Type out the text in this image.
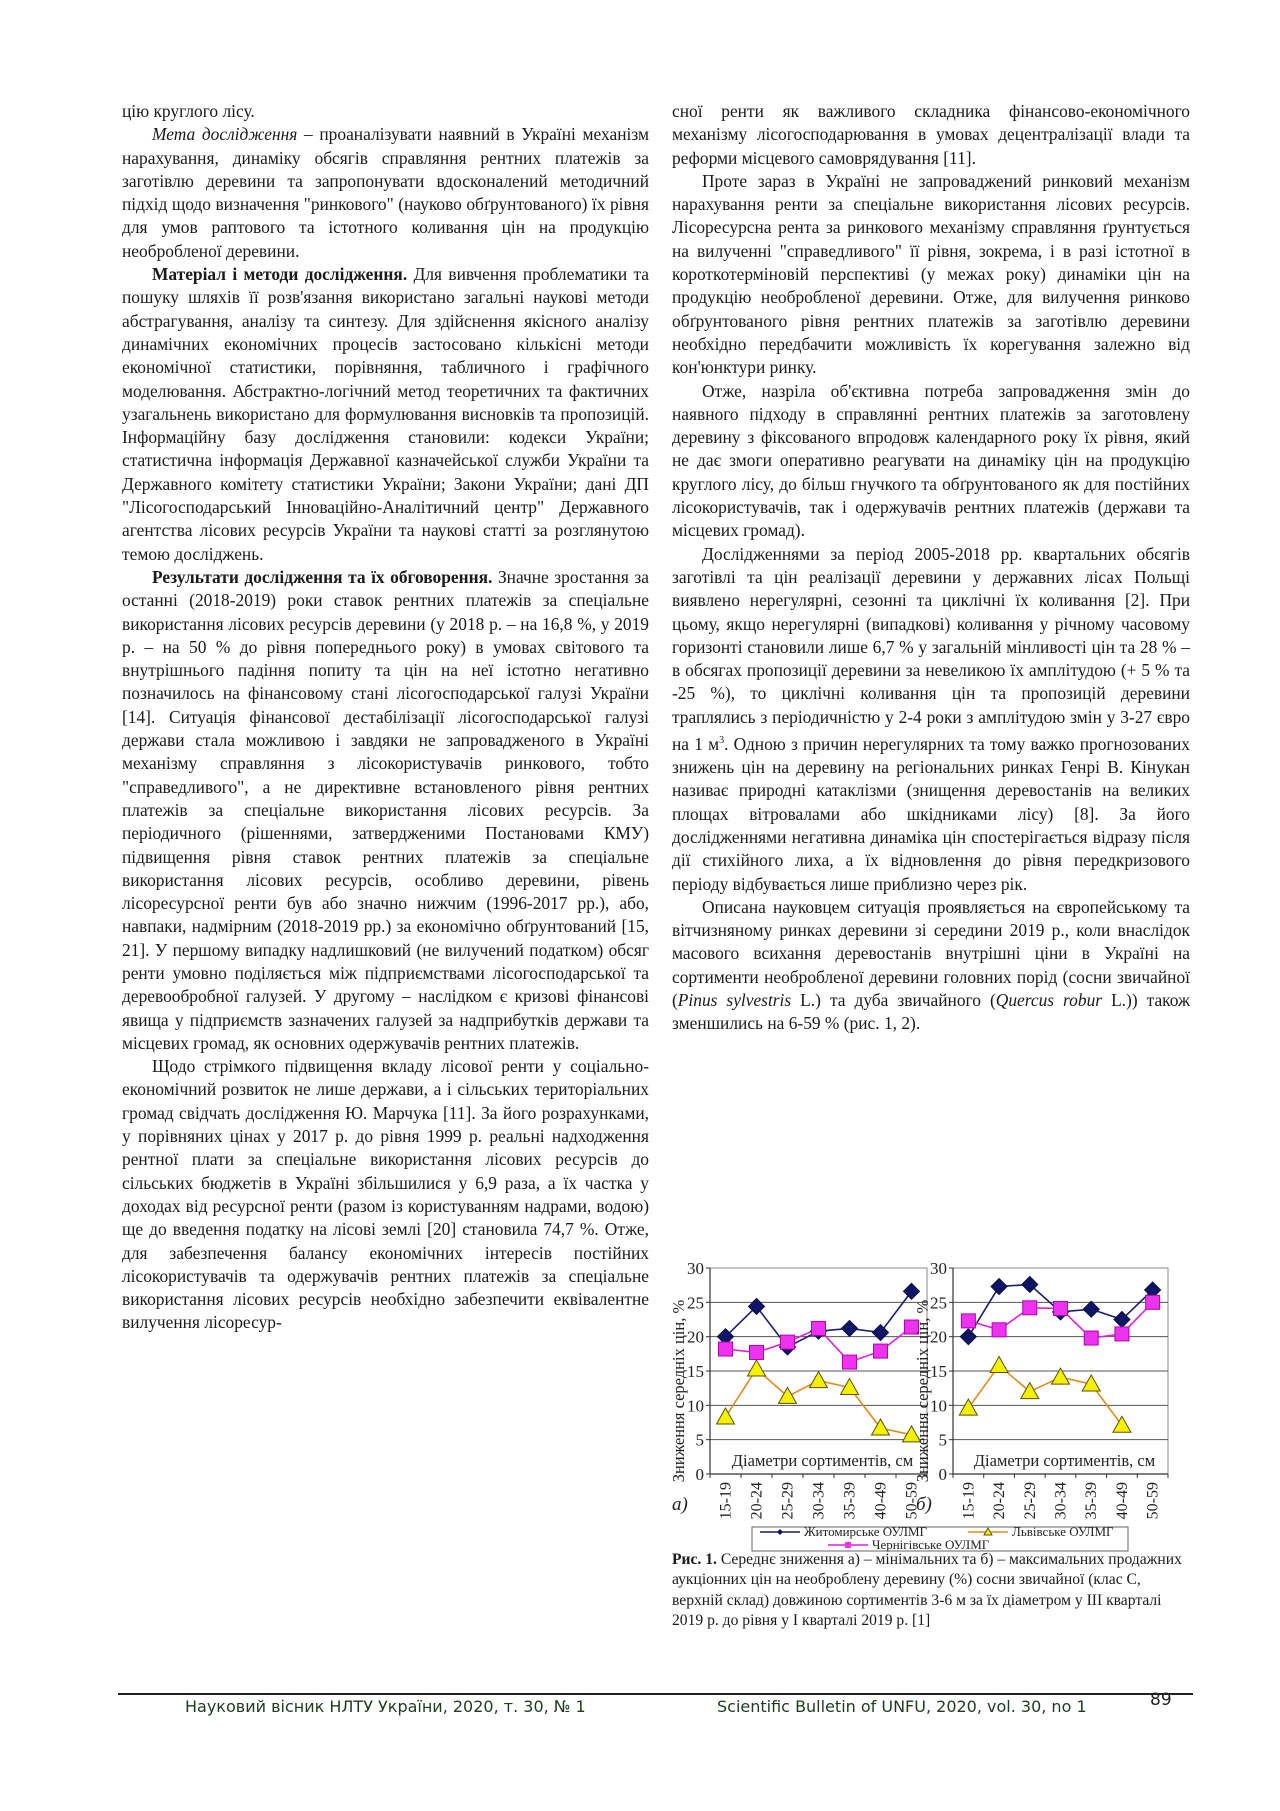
цію круглого лісу.

Мета дослідження – проаналізувати наявний в Україні механізм нарахування, динаміку обсягів справляння рентних платежів за заготівлю деревини та запропонувати вдосконалений методичний підхід щодо визначення "ринкового" (науково обґрунтованого) їх рівня для умов раптового та істотного коливання цін на продукцію необробленої деревини.

Матеріал і методи дослідження. Для вивчення проблематики та пошуку шляхів її розв'язання використано загальні наукові методи абстрагування, аналізу та синтезу. Для здійснення якісного аналізу динамічних економічних процесів застосовано кількісні методи економічної статистики, порівняння, табличного і графічного моделювання. Абстрактно-логічний метод теоретичних та фактичних узагальнень використано для формулювання висновків та пропозицій. Інформаційну базу дослідження становили: кодекси України; статистична інформація Державної казначейської служби України та Державного комітету статистики України; Закони України; дані ДП "Лісогосподарський Інноваційно-Аналітичний центр" Державного агентства лісових ресурсів України та наукові статті за розглянутою темою досліджень.

Результати дослідження та їх обговорення. Значне зростання за останні (2018-2019) роки ставок рентних платежів за спеціальне використання лісових ресурсів деревини (у 2018 р. – на 16,8 %, у 2019 р. – на 50 % до рівня попереднього року) в умовах світового та внутрішнього падіння попиту та цін на неї істотно негативно позначилось на фінансовому стані лісогосподарської галузі України [14]. Ситуація фінансової дестабілізації лісогосподарської галузі держави стала можливою і завдяки не запровадженого в Україні механізму справляння з лісокористувачів ринкового, тобто "справедливого", а не директивне встановленого рівня рентних платежів за спеціальне використання лісових ресурсів. За періодичного (рішеннями, затвердженими Постановами КМУ) підвищення рівня ставок рентних платежів за спеціальне використання лісових ресурсів, особливо деревини, рівень лісоресурсної ренти був або значно нижчим (1996-2017 рр.), або, навпаки, надмірним (2018-2019 рр.) за економічно обґрунтований [15, 21]. У першому випадку надлишковий (не вилучений податком) обсяг ренти умовно поділяється між підприємствами лісогосподарської та деревообробної галузей. У другому – наслідком є кризові фінансові явища у підприємств зазначених галузей за надприбутків держави та місцевих громад, як основних одержувачів рентних платежів.

Щодо стрімкого підвищення вкладу лісової ренти у соціально-економічний розвиток не лише держави, а і сільських територіальних громад свідчать дослідження Ю. Марчука [11]. За його розрахунками, у порівняних цінах у 2017 р. до рівня 1999 р. реальні надходження рентної плати за спеціальне використання лісових ресурсів до сільських бюджетів в Україні збільшилися у 6,9 раза, а їх частка у доходах від ресурсної ренти (разом із користуванням надрами, водою) ще до введення податку на лісові землі [20] становила 74,7 %. Отже, для забезпечення балансу економічних інтересів постійних лісокористувачів та одержувачів рентних платежів за спеціальне використання лісових ресурсів необхідно забезпечити еквівалентне вилучення лісоресур-

сної ренти як важливого складника фінансово-економічного механізму лісогосподарювання в умовах децентралізації влади та реформи місцевого самоврядування [11].

Проте зараз в Україні не запроваджений ринковий механізм нарахування ренти за спеціальне використання лісових ресурсів. Лісоресурсна рента за ринкового механізму справляння ґрунтується на вилученні "справедливого" її рівня, зокрема, і в разі істотної в короткотерміновій перспективі (у межах року) динаміки цін на продукцію необробленої деревини. Отже, для вилучення ринково обґрунтованого рівня рентних платежів за заготівлю деревини необхідно передбачити можливість їх корегування залежно від кон'юнктури ринку.

Отже, назріла об'єктивна потреба запровадження змін до наявного підходу в справлянні рентних платежів за заготовлену деревину з фіксованого впродовж календарного року їх рівня, який не дає змоги оперативно реагувати на динаміку цін на продукцію круглого лісу, до більш гнучкого та обґрунтованого як для постійних лісокористувачів, так і одержувачів рентних платежів (держави та місцевих громад).

Дослідженнями за період 2005-2018 рр. квартальних обсягів заготівлі та цін реалізації деревини у державних лісах Польщі виявлено нерегулярні, сезонні та циклічні їх коливання [2]. При цьому, якщо нерегулярні (випадкові) коливання у річному часовому горизонті становили лише 6,7 % у загальній мінливості цін та 28 % – в обсягах пропозиції деревини за невеликою їх амплітудою (+ 5 % та -25 %), то циклічні коливання цін та пропозицій деревини траплялись з періодичністю у 2-4 роки з амплітудою змін у 3-27 євро на 1 $м^3$. Одною з причин нерегулярних та тому важко прогнозованих знижень цін на деревину на регіональних ринках Генрі В. Кінукан називає природні катаклізми (знищення деревостанів на великих площах вітровалами або шкідниками лісу) [8]. За його дослідженнями негативна динаміка цін спостерігається відразу після дії стихійного лиха, а їх відновлення до рівня передкризового періоду відбувається лише приблизно через рік.

Описана науковцем ситуація проявляється на європейському та вітчизняному ринках деревини зі середини 2019 р., коли внаслідок масового всихання деревостанів внутрішні ціни в Україні на сортименти необробленої деревини головних порід (сосни звичайної (Pinus sylvestris L.) та дуба звичайного (Quercus robur L.)) також зменшились на 6-59 % (рис. 1, 2).

0
5
10
15
20
25
30
15-19 20-24 25-29 30-34 35-39 40-49 50-59
Діаметри сортиментів, см
Зниження середніх цін, %
а)
0
5
10
15
20
25
30
15-19 20-24 25-29 30-34 35-39 40-49 50-59
Діаметри сортиментів, см
Зниження середніх цін, %
б)
Житомирське ОУЛМГ	Львівське ОУЛМГ
Чернігівське ОУЛМГ
Рис. 1. Середнє зниження а) – мінімальних та б) – максимальних продажних аукціонних цін на необроблену деревину (%) сосни звичайної (клас С, верхній склад) довжиною сортиментів 3-6 м за їх діаметром у ІІІ кварталі 2019 р. до рівня у І кварталі 2019 р. [1]
Науковий вісник НЛТУ України, 2020, т. 30, № 1	Scientific Bulletin of UNFU, 2020, vol. 30, no 1	89
